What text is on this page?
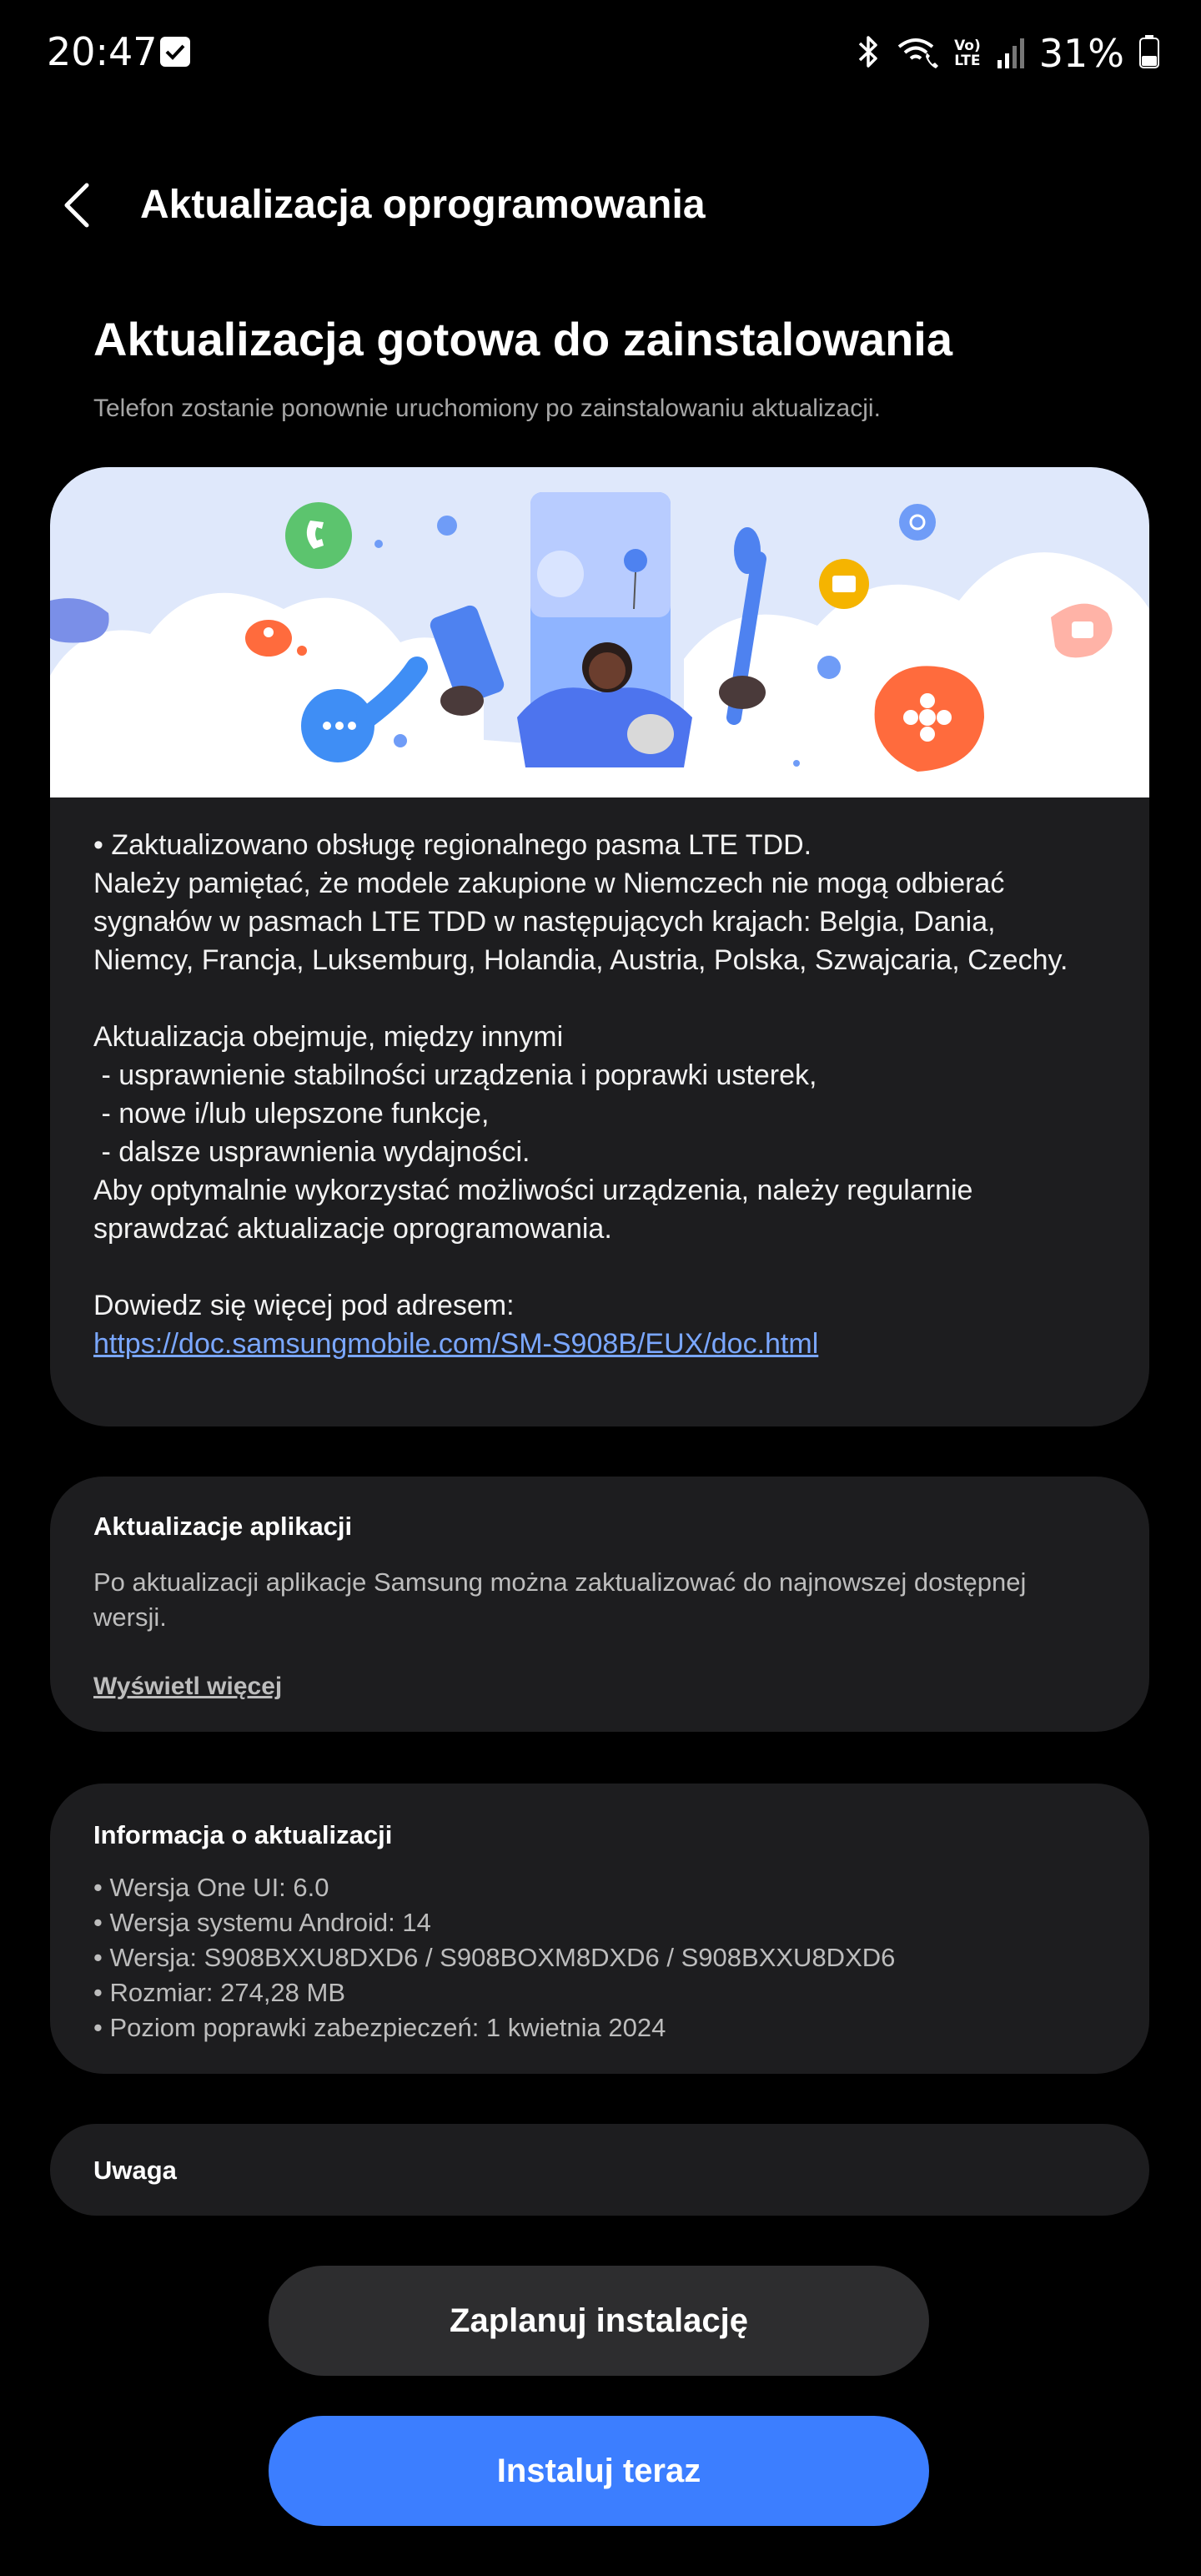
20:47	Vo)
LTE 31%
Aktualizacja oprogramowania
Aktualizacja gotowa do zainstalowania
Telefon zostanie ponownie uruchomiony po zainstalowaniu aktualizacji.

• Zaktualizowano obsługę regionalnego pasma LTE TDD.

Należy pamiętać, że modele zakupione w Niemczech nie mogą odbierać

sygnałów w pasmach LTE TDD w następujących krajach: Belgia, Dania,

Niemcy, Francja, Luksemburg, Holandia, Austria, Polska, Szwajcaria, Czechy.

Aktualizacja obejmuje, między innymi

- usprawnienie stabilności urządzenia i poprawki usterek,

- nowe i/lub ulepszone funkcje,

- dalsze usprawnienia wydajności.

Aby optymalnie wykorzystać możliwości urządzenia, należy regularnie

sprawdzać aktualizacje oprogramowania.

Dowiedz się więcej pod adresem:

https://doc.samsungmobile.com/SM-S908B/EUX/doc.html

Aktualizacje aplikacji
Po aktualizacji aplikacje Samsung można zaktualizować do najnowszej dostępnej
wersji.
Wyświetl więcej
Informacja o aktualizacji
• Wersja One UI: 6.0
• Wersja systemu Android: 14
• Wersja: S908BXXU8DXD6 / S908BOXM8DXD6 / S908BXXU8DXD6
• Rozmiar: 274,28 MB
• Poziom poprawki zabezpieczeń: 1 kwietnia 2024
Uwaga
Zaplanuj instalację
Instaluj teraz
